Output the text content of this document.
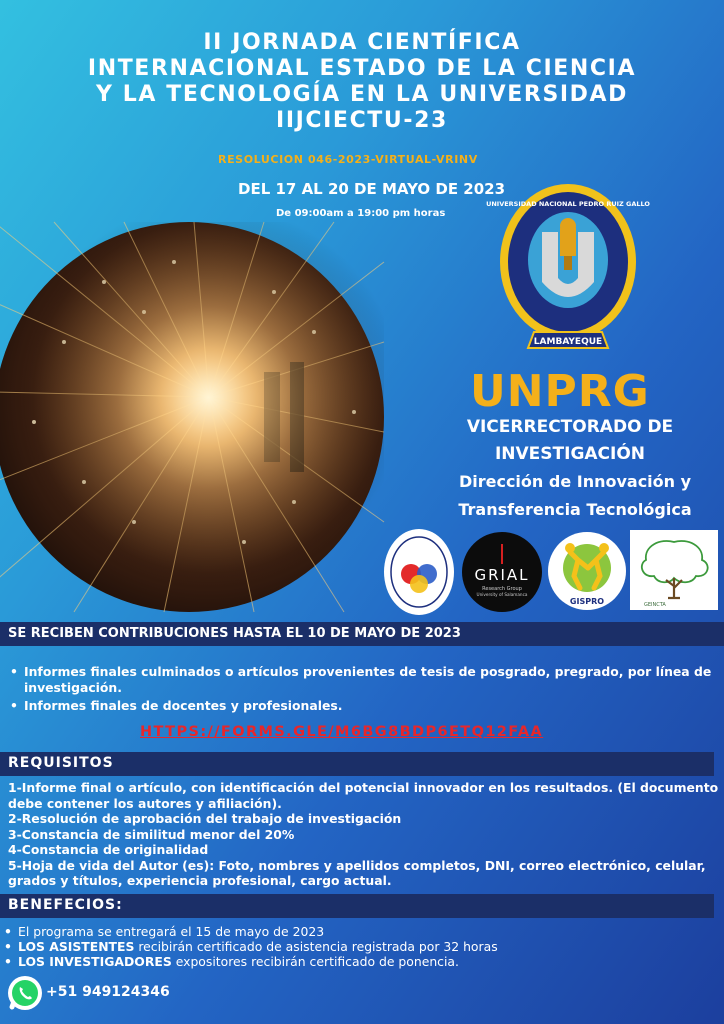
II JORNADA CIENTÍFICA
INTERNACIONAL ESTADO DE LA CIENCIA
Y LA TECNOLOGÍA EN LA UNIVERSIDAD
IIJCIECTU-23
RESOLUCION 046-2023-VIRTUAL-VRINV
DEL 17 AL 20 DE MAYO DE 2023
De 09:00am a 19:00 pm horas
LAMBAYEQUE
UNIVERSIDAD NACIONAL PEDRO RUIZ GALLO
UNPRG
VICERRECTORADO DE
INVESTIGACIÓN
Dirección de Innovación y
Transferencia Tecnológica
GRIAL
Research Group
University of Salamanca
GISPRO	GEINCTA
SE RECIBEN CONTRIBUCIONES HASTA EL 10 DE MAYO DE 2023
• Informes finales culminados o artículos provenientes de tesis de posgrado, pregrado, por línea de investigación.
• Informes finales de docentes y profesionales.
HTTPS://FORMS.GLE/M6BG8BDP6ETQ12FAA
REQUISITOS
1-Informe final o artículo, con identificación del potencial innovador en los resultados. (El documento debe contener los autores y afiliación).
2-Resolución de aprobación del trabajo de investigación
3-Constancia de similitud menor del 20%
4-Constancia de originalidad
5-Hoja de vida del Autor (es): Foto, nombres y apellidos completos, DNI, correo electrónico, celular, grados y títulos, experiencia profesional, cargo actual.
BENEFECIOS:
• El programa se entregará el 15 de mayo de 2023
• LOS ASISTENTES recibirán certificado de asistencia registrada por 32 horas
• LOS INVESTIGADORES expositores recibirán certificado de ponencia.
+51 949124346
